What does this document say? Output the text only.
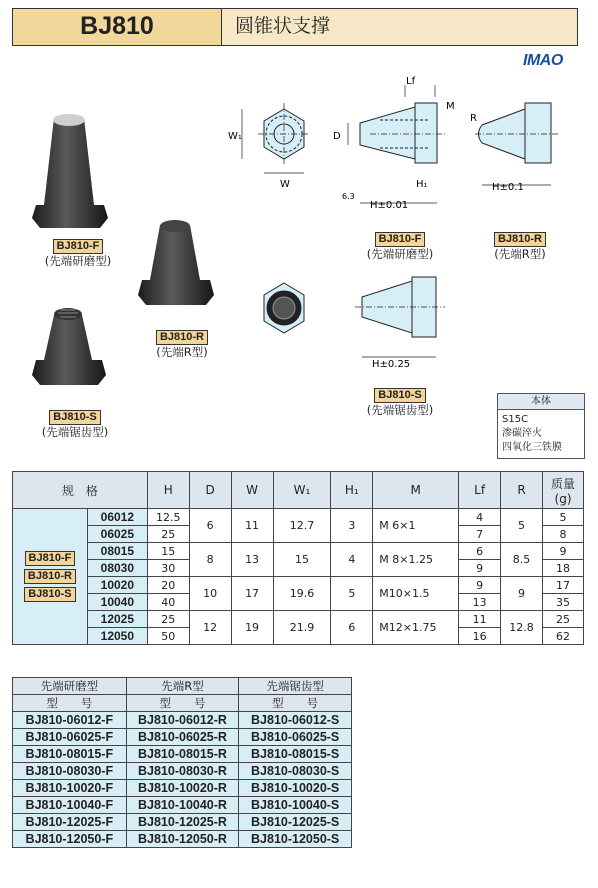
BJ810	圆锥状支撑
IMAO
BJ810-F
(先端研磨型)
BJ810-R
(先端R型)
BJ810-S
(先端锯齿型)
W₁
W
Lf
M
D
H₁
H±0.01
6.3
R
H±0.1
H±0.25
BJ810-F
(先端研磨型)
BJ810-R
(先端R型)
BJ810-S
(先端锯齿型)
本体
S15C
渗碳淬火
四氧化三铁膜
规　格		H	D	W	W₁	H₁	M	Lf	R	质量(g)

BJ810-F
BJ810-R
BJ810-S	06012	12.5	6	11	12.7	3	M 6×1	4	5	5
	06025	25						7		8
	08015	15	8	13	15	4	M 8×1.25	6	8.5	9
	08030	30						9		18
	10020	20	10	17	19.6	5	M10×1.5	9	9	17
	10040	40						13		35
	12025	25	12	19	21.9	6	M12×1.75	11	12.8	25
	12050	50						16		62
先端研磨型	先端R型	先端锯齿型
型　　号	型　　号	型　　号
BJ810-06012-F	BJ810-06012-R	BJ810-06012-S
BJ810-06025-F	BJ810-06025-R	BJ810-06025-S
BJ810-08015-F	BJ810-08015-R	BJ810-08015-S
BJ810-08030-F	BJ810-08030-R	BJ810-08030-S
BJ810-10020-F	BJ810-10020-R	BJ810-10020-S
BJ810-10040-F	BJ810-10040-R	BJ810-10040-S
BJ810-12025-F	BJ810-12025-R	BJ810-12025-S
BJ810-12050-F	BJ810-12050-R	BJ810-12050-S
